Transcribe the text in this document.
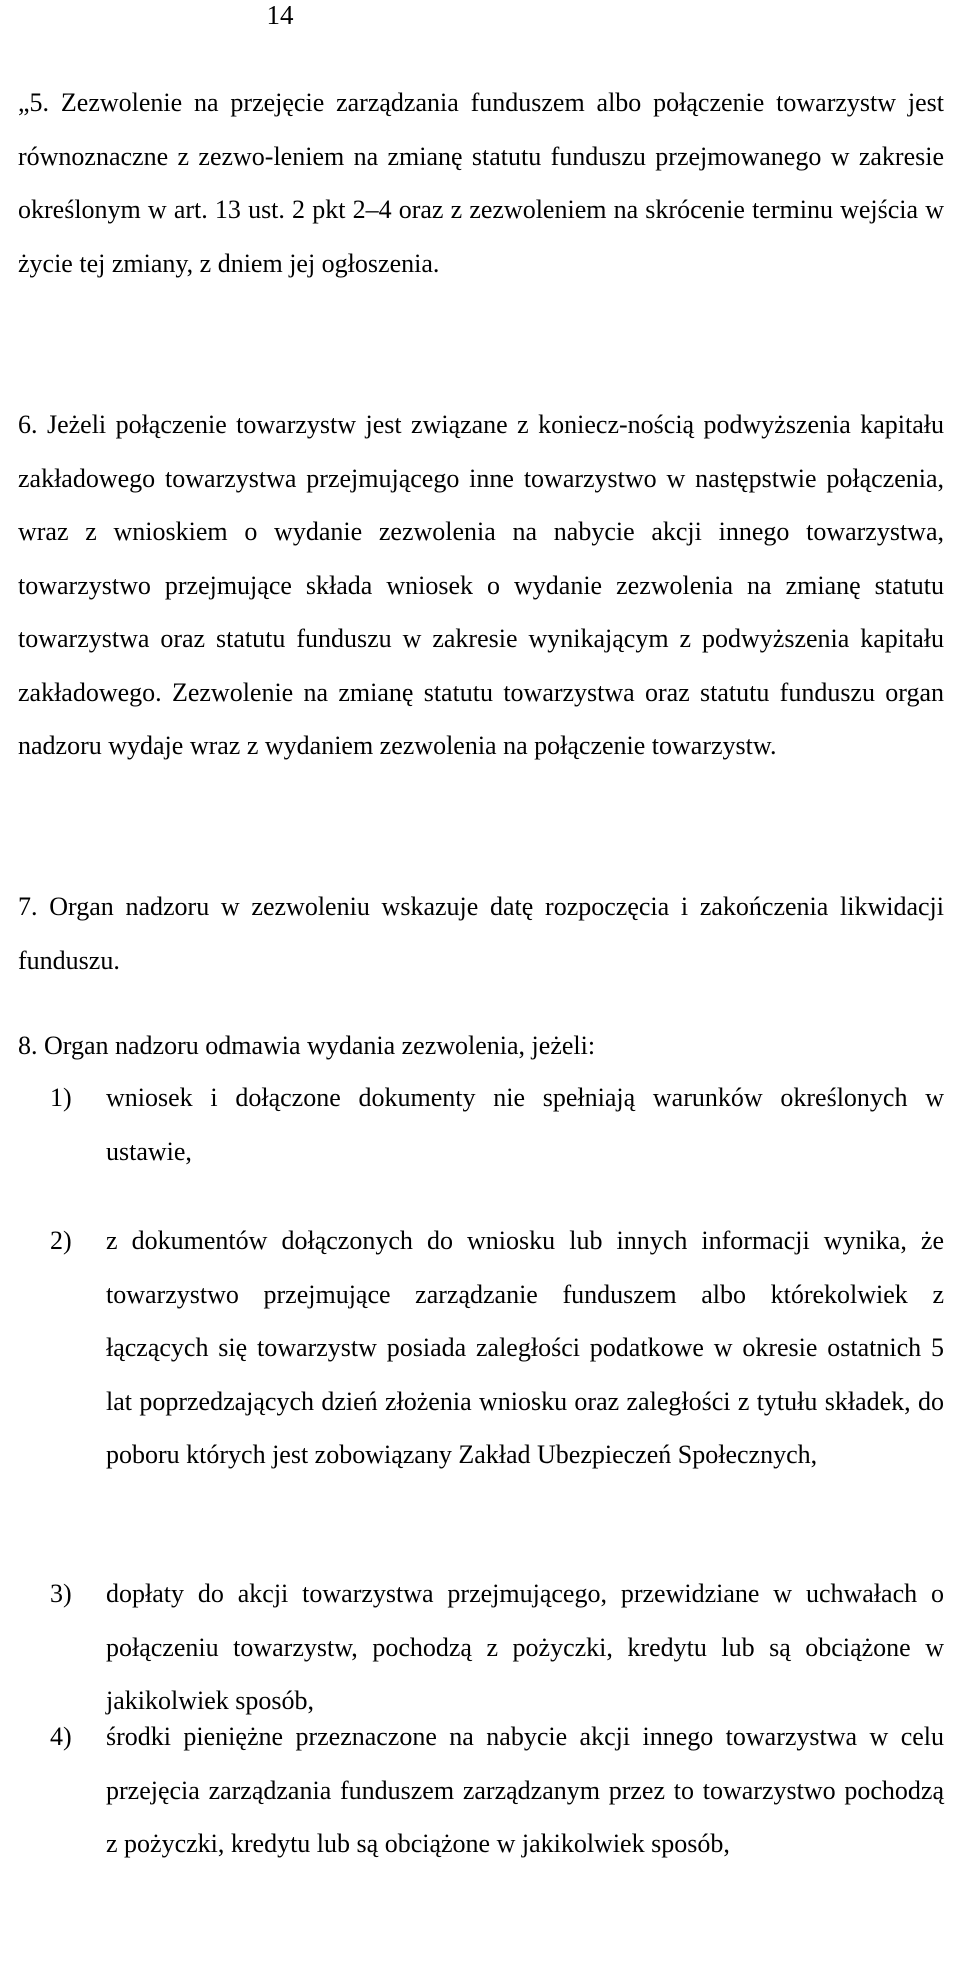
14
„5. Zezwolenie na przejęcie zarządzania funduszem albo połączenie towarzystw jest równoznaczne z zezwo-leniem na zmianę statutu funduszu przejmowanego w zakresie określonym w art. 13 ust. 2 pkt 2–4 oraz z zezwoleniem na skrócenie terminu wejścia w życie tej zmiany, z dniem jej ogłoszenia.
6. Jeżeli połączenie towarzystw jest związane z koniecz-nością podwyższenia kapitału zakładowego towarzystwa przejmującego inne towarzystwo w następstwie połączenia, wraz z wnioskiem o wydanie zezwolenia na nabycie akcji innego towarzystwa, towarzystwo przejmujące składa wniosek o wydanie zezwolenia na zmianę statutu towarzystwa oraz statutu funduszu w zakresie wynikającym z podwyższenia kapitału zakładowego. Zezwolenie na zmianę statutu towarzystwa oraz statutu funduszu organ nadzoru wydaje wraz z wydaniem zezwolenia na połączenie towarzystw.
7. Organ nadzoru w zezwoleniu wskazuje datę rozpoczęcia i zakończenia likwidacji funduszu.
8. Organ nadzoru odmawia wydania zezwolenia, jeżeli:
1) wniosek i dołączone dokumenty nie spełniają warunków określonych w ustawie,
2) z dokumentów dołączonych do wniosku lub innych informacji wynika, że towarzystwo przejmujące zarządzanie funduszem albo którekolwiek z łączących się towarzystw posiada zaległości podatkowe w okresie ostatnich 5 lat poprzedzających dzień złożenia wniosku oraz zaległości z tytułu składek, do poboru których jest zobowiązany Zakład Ubezpieczeń Społecznych,
3) dopłaty do akcji towarzystwa przejmującego, przewidziane w uchwałach o połączeniu towarzystw, pochodzą z pożyczki, kredytu lub są obciążone w jakikolwiek sposób,
4) środki pieniężne przeznaczone na nabycie akcji innego towarzystwa w celu przejęcia zarządzania funduszem zarządzanym przez to towarzystwo pochodzą z pożyczki, kredytu lub są obciążone w jakikolwiek sposób,
